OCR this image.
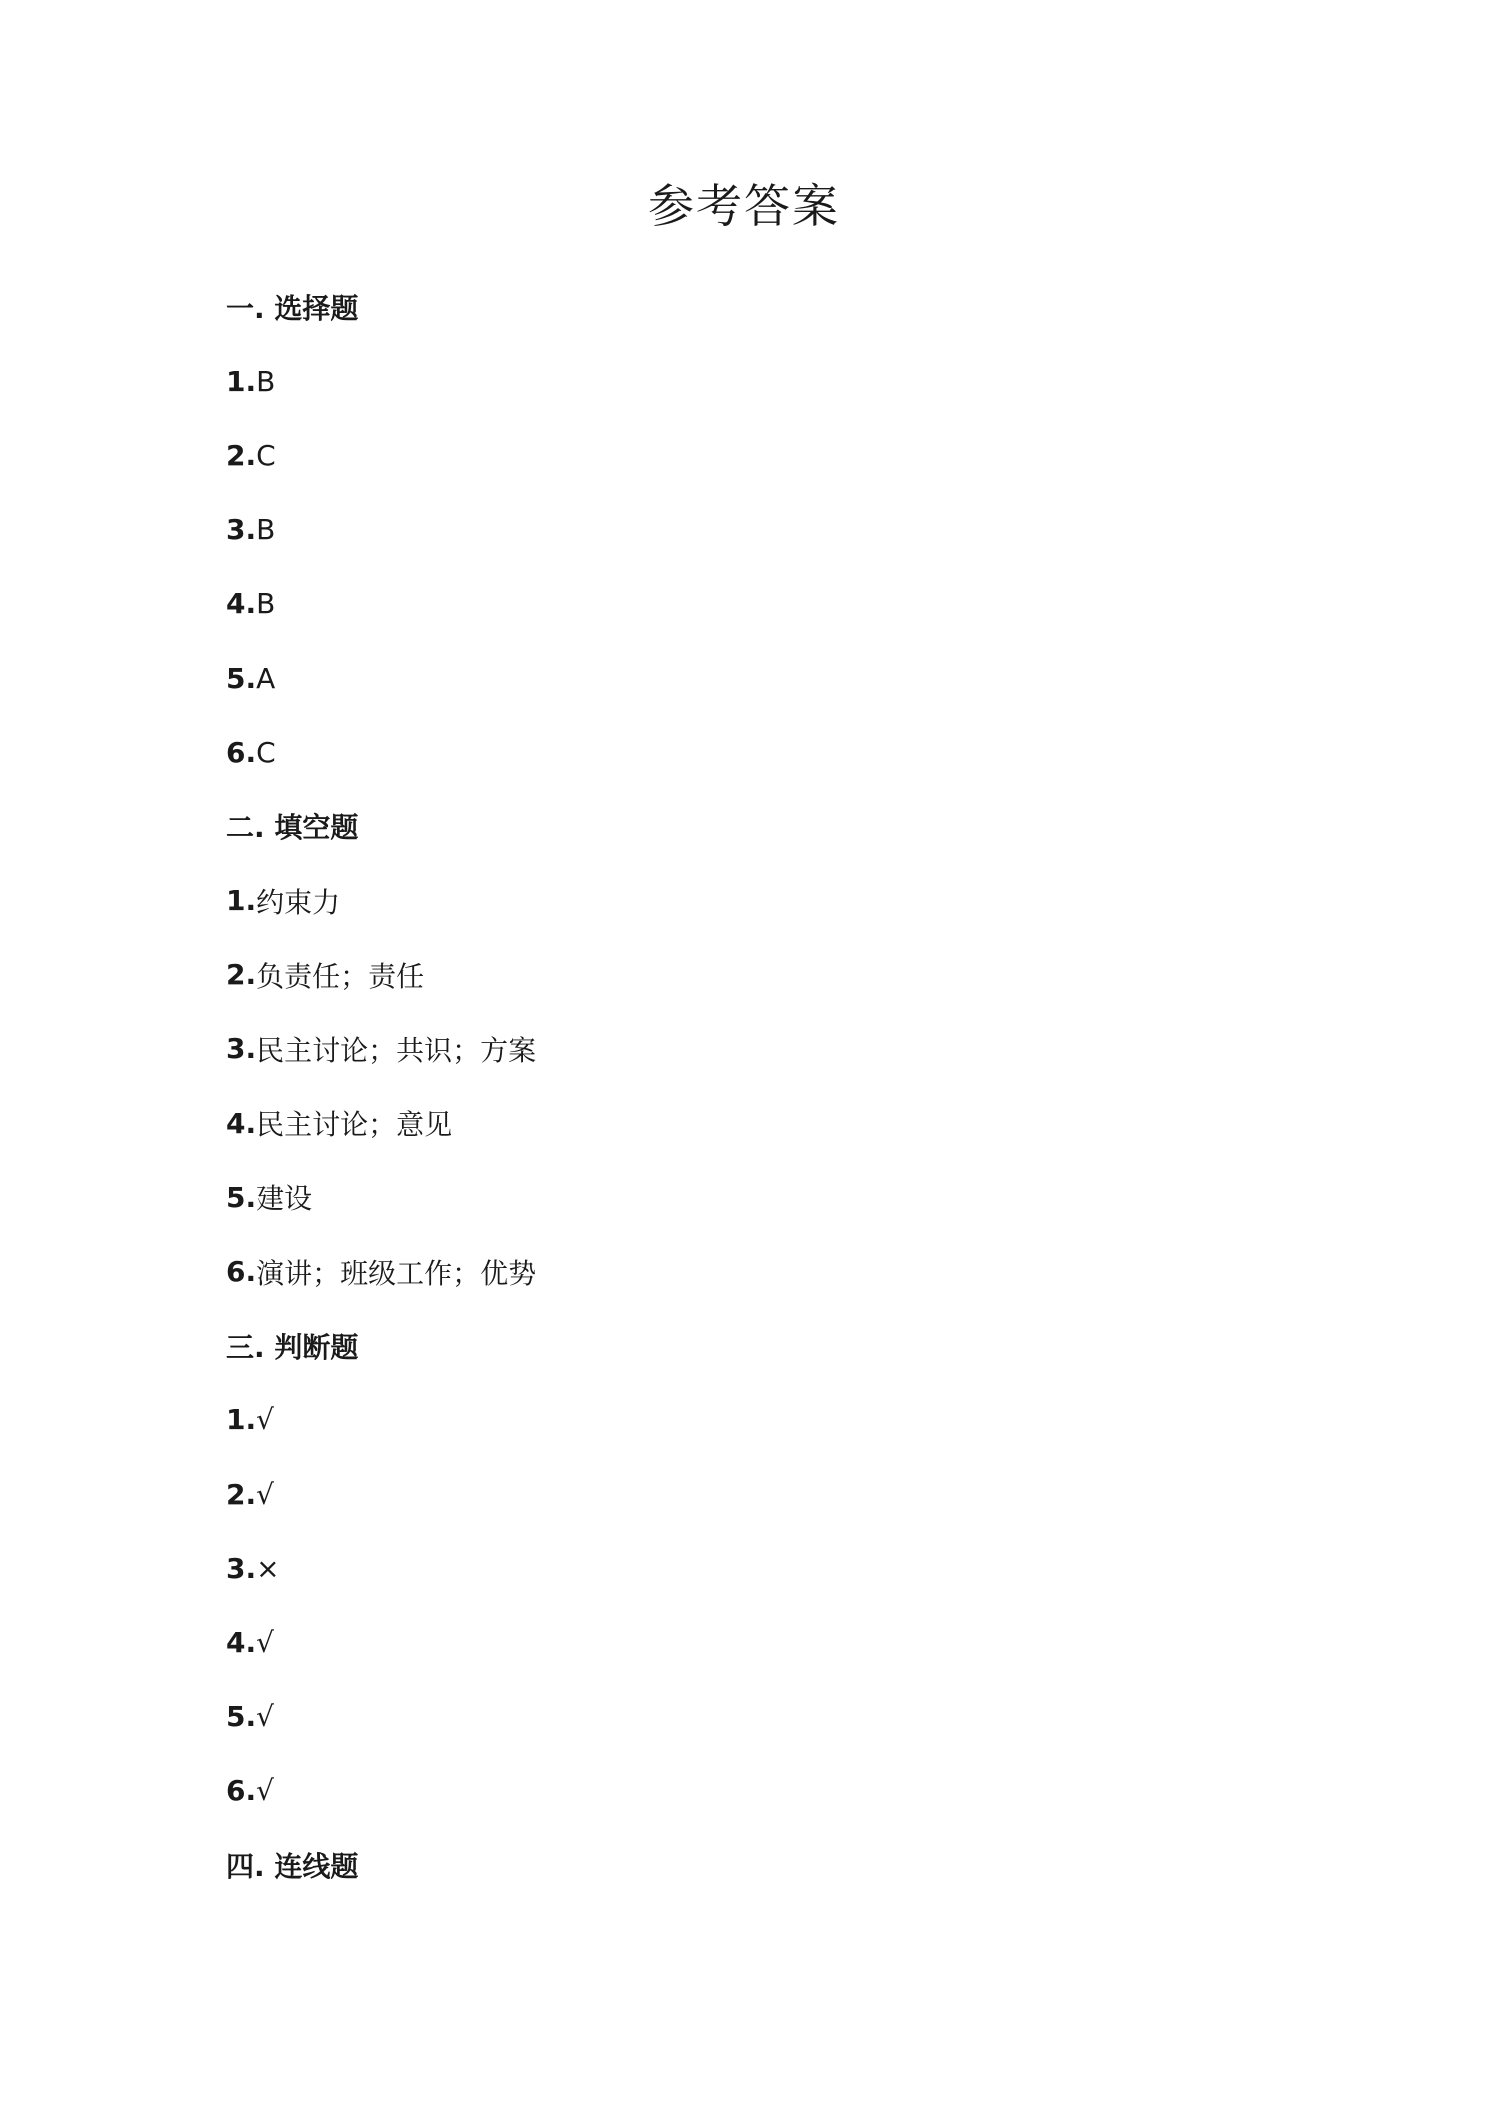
参考答案
一. 选择题
1. B
2. C
3. B
4. B
5. A
6. C
二. 填空题
1. 约束力
2. 负责任；责任
3. 民主讨论；共识；方案
4. 民主讨论；意见
5. 建设
6. 演讲；班级工作；优势
三. 判断题
1. √
2. √
3. ×
4. √
5. √
6. √
四. 连线题
